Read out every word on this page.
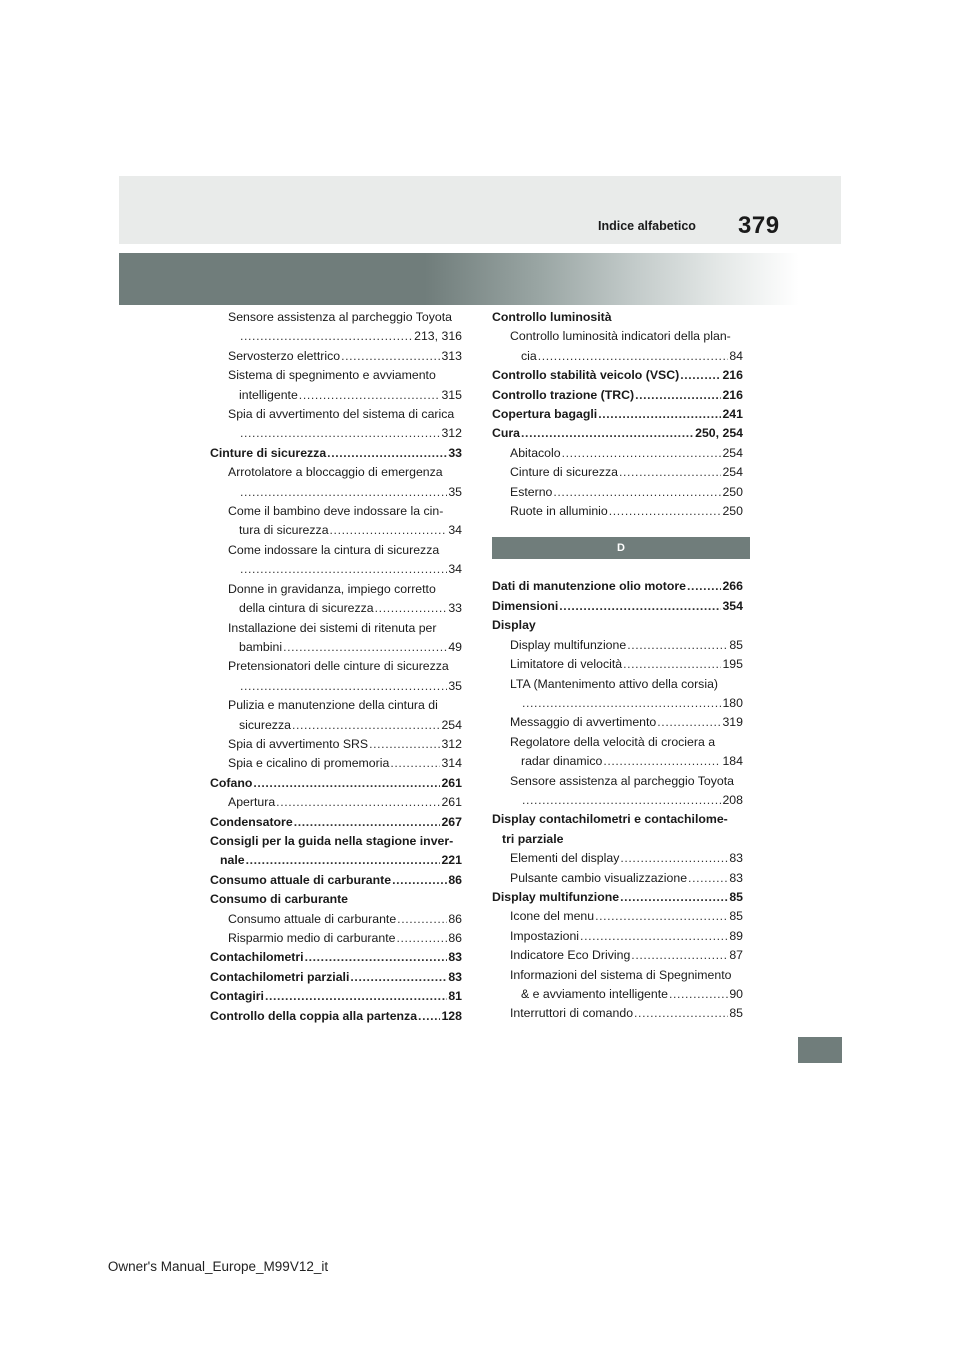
Indice alfabetico 379
Sensore assistenza al parcheggio Toyota
.....
213, 316
Servosterzo elettrico .....	313
Sistema di spegnimento e avviamento
intelligente .....	315
Spia di avvertimento del sistema di carica
.....
312
Cinture di sicurezza .....	33
Arrotolatore a bloccaggio di emergenza
.....
35
Come il bambino deve indossare la cin-
tura di sicurezza .....	34
Come indossare la cintura di sicurezza
.....
34
Donne in gravidanza, impiego corretto
della cintura di sicurezza .....	33
Installazione dei sistemi di ritenuta per
bambini .....	49
Pretensionatori delle cinture di sicurezza
.....
35
Pulizia e manutenzione della cintura di
sicurezza .....	254
Spia di avvertimento SRS .....	312
Spia e cicalino di promemoria .....	314
Cofano .....	261
Apertura .....	261
Condensatore .....	267
Consigli per la guida nella stagione inver-
nale .....	221
Consumo attuale di carburante .....	86
Consumo di carburante
Consumo attuale di carburante .....	86
Risparmio medio di carburante .....	86
Contachilometri .....	83
Contachilometri parziali .....	83
Contagiri .....	81
Controllo della coppia alla partenza ..... 128
Controllo luminosità
Controllo luminosità indicatori della plan-
cia .....	84
Controllo stabilità veicolo (VSC) .....	216
Controllo trazione (TRC) .....	216
Copertura bagagli .....	241
Cura .....	250, 254
Abitacolo .....	254
Cinture di sicurezza .....	254
Esterno .....	250
Ruote in alluminio .....	250
D
Dati di manutenzione olio motore .....	266
Dimensioni .....	354
Display
Display multifunzione .....	85
Limitatore di velocità .....	195
LTA (Mantenimento attivo della corsia)
.....
180
Messaggio di avvertimento .....	319
Regolatore della velocità di crociera a
radar dinamico .....	184
Sensore assistenza al parcheggio Toyota
.....
208
Display contachilometri e contachilome-
tri parziale
Elementi del display .....	83
Pulsante cambio visualizzazione .....	83
Display multifunzione .....	85
Icone del menu .....	85
Impostazioni .....	89
Indicatore Eco Driving .....	87
Informazioni del sistema di Spegnimento
& e avviamento intelligente .....	90
Interruttori di comando .....	85
Owner's Manual_Europe_M99V12_it
